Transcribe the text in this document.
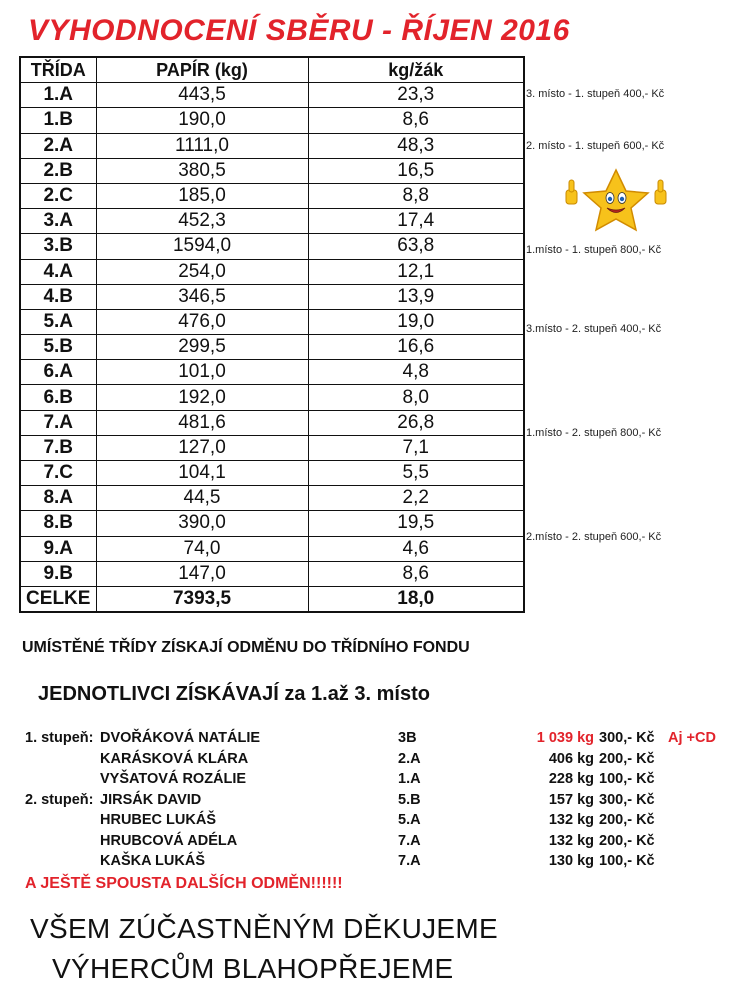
VYHODNOCENÍ SBĚRU - ŘÍJEN 2016
TŘÍDA	PAPÍR (kg)	kg/žák
1.A	443,5	23,3
1.B	190,0	8,6
2.A	1111,0	48,3
2.B	380,5	16,5
2.C	185,0	8,8
3.A	452,3	17,4
3.B	1594,0	63,8
4.A	254,0	12,1
4.B	346,5	13,9
5.A	476,0	19,0
5.B	299,5	16,6
6.A	101,0	4,8
6.B	192,0	8,0
7.A	481,6	26,8
7.B	127,0	7,1
7.C	104,1	5,5
8.A	44,5	2,2
8.B	390,0	19,5
9.A	74,0	4,6
9.B	147,0	8,6
CELKE	7393,5	18,0
3. místo - 1. stupeň 400,- Kč
2. místo - 1. stupeň 600,- Kč
1.místo - 1. stupeň 800,- Kč
3.místo - 2. stupeň 400,- Kč
1.místo - 2. stupeň 800,- Kč
2.místo - 2. stupeň 600,- Kč
UMÍSTĚNÉ TŘÍDY ZÍSKAJÍ ODMĚNU DO TŘÍDNÍHO FONDU
JEDNOTLIVCI ZÍSKÁVAJÍ za 1.až 3. místo
1. stupeň: DVOŘÁKOVÁ NATÁLIE	3B	1 039 kg 300,- Kč Aj +CD
KARÁSKOVÁ KLÁRA	2.A	406 kg 200,- Kč
VYŠATOVÁ ROZÁLIE	1.A	228 kg 100,- Kč
2. stupeň: JIRSÁK DAVID	5.B	157 kg 300,- Kč
HRUBEC LUKÁŠ	5.A	132 kg 200,- Kč
HRUBCOVÁ ADÉLA	7.A	132 kg 200,- Kč
KAŠKA LUKÁŠ	7.A	130 kg 100,- Kč
A JEŠTĚ SPOUSTA DALŠÍCH ODMĚN!!!!!!
VŠEM ZÚČASTNĚNÝM DĚKUJEME
VÝHERCŮM BLAHOPŘEJEME
